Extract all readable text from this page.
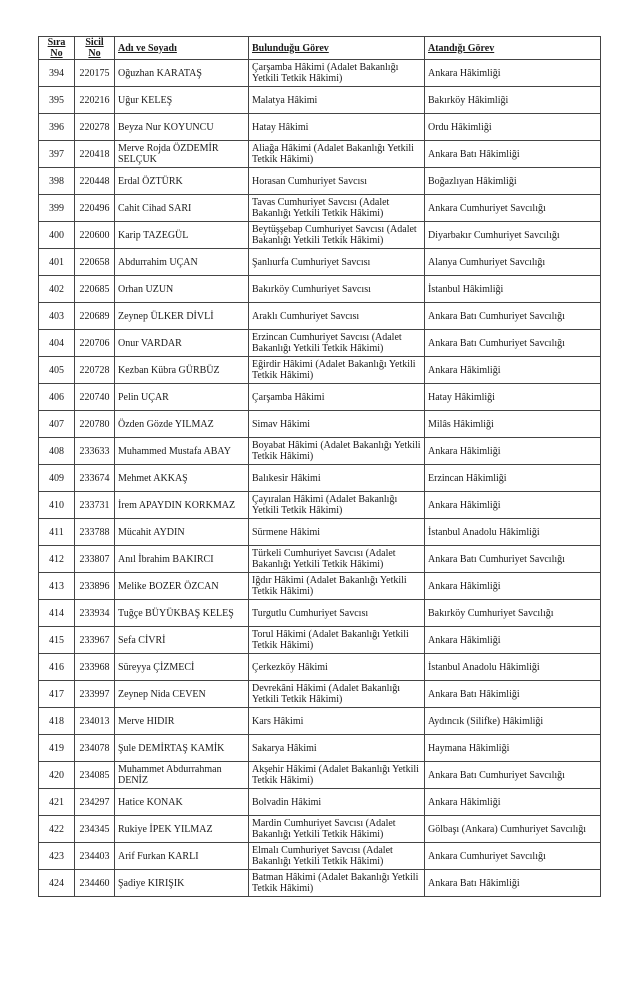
Sıra No	Sicil No	Adı ve Soyadı	Bulunduğu Görev	Atandığı Görev
394	220175	Oğuzhan KARATAŞ	Çarşamba Hâkimi (Adalet Bakanlığı Yetkili Tetkik Hâkimi)	Ankara Hâkimliği
395	220216	Uğur KELEŞ	Malatya Hâkimi	Bakırköy Hâkimliği
396	220278	Beyza Nur KOYUNCU	Hatay Hâkimi	Ordu Hâkimliği
397	220418	Merve Rojda ÖZDEMİR SELÇUK	Aliağa Hâkimi (Adalet Bakanlığı Yetkili Tetkik Hâkimi)	Ankara Batı Hâkimliği
398	220448	Erdal ÖZTÜRK	Horasan Cumhuriyet Savcısı	Boğazlıyan Hâkimliği
399	220496	Cahit Cihad SARI	Tavas Cumhuriyet Savcısı (Adalet Bakanlığı Yetkili Tetkik Hâkimi)	Ankara Cumhuriyet Savcılığı
400	220600	Karip TAZEGÜL	Beytüşşebap Cumhuriyet Savcısı (Adalet Bakanlığı Yetkili Tetkik Hâkimi)	Diyarbakır Cumhuriyet Savcılığı
401	220658	Abdurrahim UÇAN	Şanlıurfa Cumhuriyet Savcısı	Alanya Cumhuriyet Savcılığı
402	220685	Orhan UZUN	Bakırköy Cumhuriyet Savcısı	İstanbul Hâkimliği
403	220689	Zeynep ÜLKER DİVLİ	Araklı Cumhuriyet Savcısı	Ankara Batı Cumhuriyet Savcılığı
404	220706	Onur VARDAR	Erzincan Cumhuriyet Savcısı (Adalet Bakanlığı Yetkili Tetkik Hâkimi)	Ankara Batı Cumhuriyet Savcılığı
405	220728	Kezban Kübra GÜRBÜZ	Eğirdir Hâkimi (Adalet Bakanlığı Yetkili Tetkik Hâkimi)	Ankara Hâkimliği
406	220740	Pelin UÇAR	Çarşamba Hâkimi	Hatay Hâkimliği
407	220780	Özden Gözde YILMAZ	Simav Hâkimi	Milâs Hâkimliği
408	233633	Muhammed Mustafa ABAY	Boyabat Hâkimi (Adalet Bakanlığı Yetkili Tetkik Hâkimi)	Ankara Hâkimliği
409	233674	Mehmet AKKAŞ	Balıkesir Hâkimi	Erzincan Hâkimliği
410	233731	İrem APAYDIN KORKMAZ	Çayıralan Hâkimi (Adalet Bakanlığı Yetkili Tetkik Hâkimi)	Ankara Hâkimliği
411	233788	Mücahit AYDIN	Sürmene Hâkimi	İstanbul Anadolu Hâkimliği
412	233807	Anıl İbrahim BAKIRCI	Türkeli Cumhuriyet Savcısı (Adalet Bakanlığı Yetkili Tetkik Hâkimi)	Ankara Batı Cumhuriyet Savcılığı
413	233896	Melike BOZER ÖZCAN	Iğdır Hâkimi (Adalet Bakanlığı Yetkili Tetkik Hâkimi)	Ankara Hâkimliği
414	233934	Tuğçe BÜYÜKBAŞ KELEŞ	Turgutlu Cumhuriyet Savcısı	Bakırköy Cumhuriyet Savcılığı
415	233967	Sefa CİVRİ	Torul Hâkimi (Adalet Bakanlığı Yetkili Tetkik Hâkimi)	Ankara Hâkimliği
416	233968	Süreyya ÇİZMECİ	Çerkezköy Hâkimi	İstanbul Anadolu Hâkimliği
417	233997	Zeynep Nida CEVEN	Devrekâni Hâkimi (Adalet Bakanlığı Yetkili Tetkik Hâkimi)	Ankara Batı Hâkimliği
418	234013	Merve HIDIR	Kars Hâkimi	Aydıncık (Silifke) Hâkimliği
419	234078	Şule DEMİRTAŞ KAMİK	Sakarya Hâkimi	Haymana Hâkimliği
420	234085	Muhammet Abdurrahman DENİZ	Akşehir Hâkimi (Adalet Bakanlığı Yetkili Tetkik Hâkimi)	Ankara Batı Cumhuriyet Savcılığı
421	234297	Hatice KONAK	Bolvadin Hâkimi	Ankara Hâkimliği
422	234345	Rukiye İPEK YILMAZ	Mardin Cumhuriyet Savcısı (Adalet Bakanlığı Yetkili Tetkik Hâkimi)	Gölbaşı (Ankara) Cumhuriyet Savcılığı
423	234403	Arif Furkan KARLI	Elmalı Cumhuriyet Savcısı (Adalet Bakanlığı Yetkili Tetkik Hâkimi)	Ankara Cumhuriyet Savcılığı
424	234460	Şadiye KIRIŞIK	Batman Hâkimi (Adalet Bakanlığı Yetkili Tetkik Hâkimi)	Ankara Batı Hâkimliği
